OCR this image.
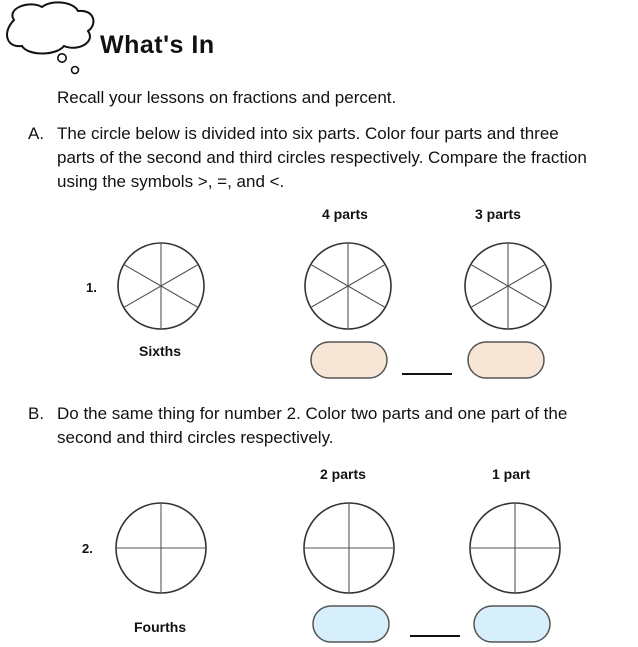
What's In
Recall your lessons on fractions and percent.
A. The circle below is divided into six parts. Color four parts and three
parts of the second and third circles respectively. Compare the fraction
using the symbols >, =, and <.
4 parts	3 parts
1.
Sixths
B. Do the same thing for number 2. Color two parts and one part of the
second and third circles respectively.
2 parts	1 part
2.
Fourths
